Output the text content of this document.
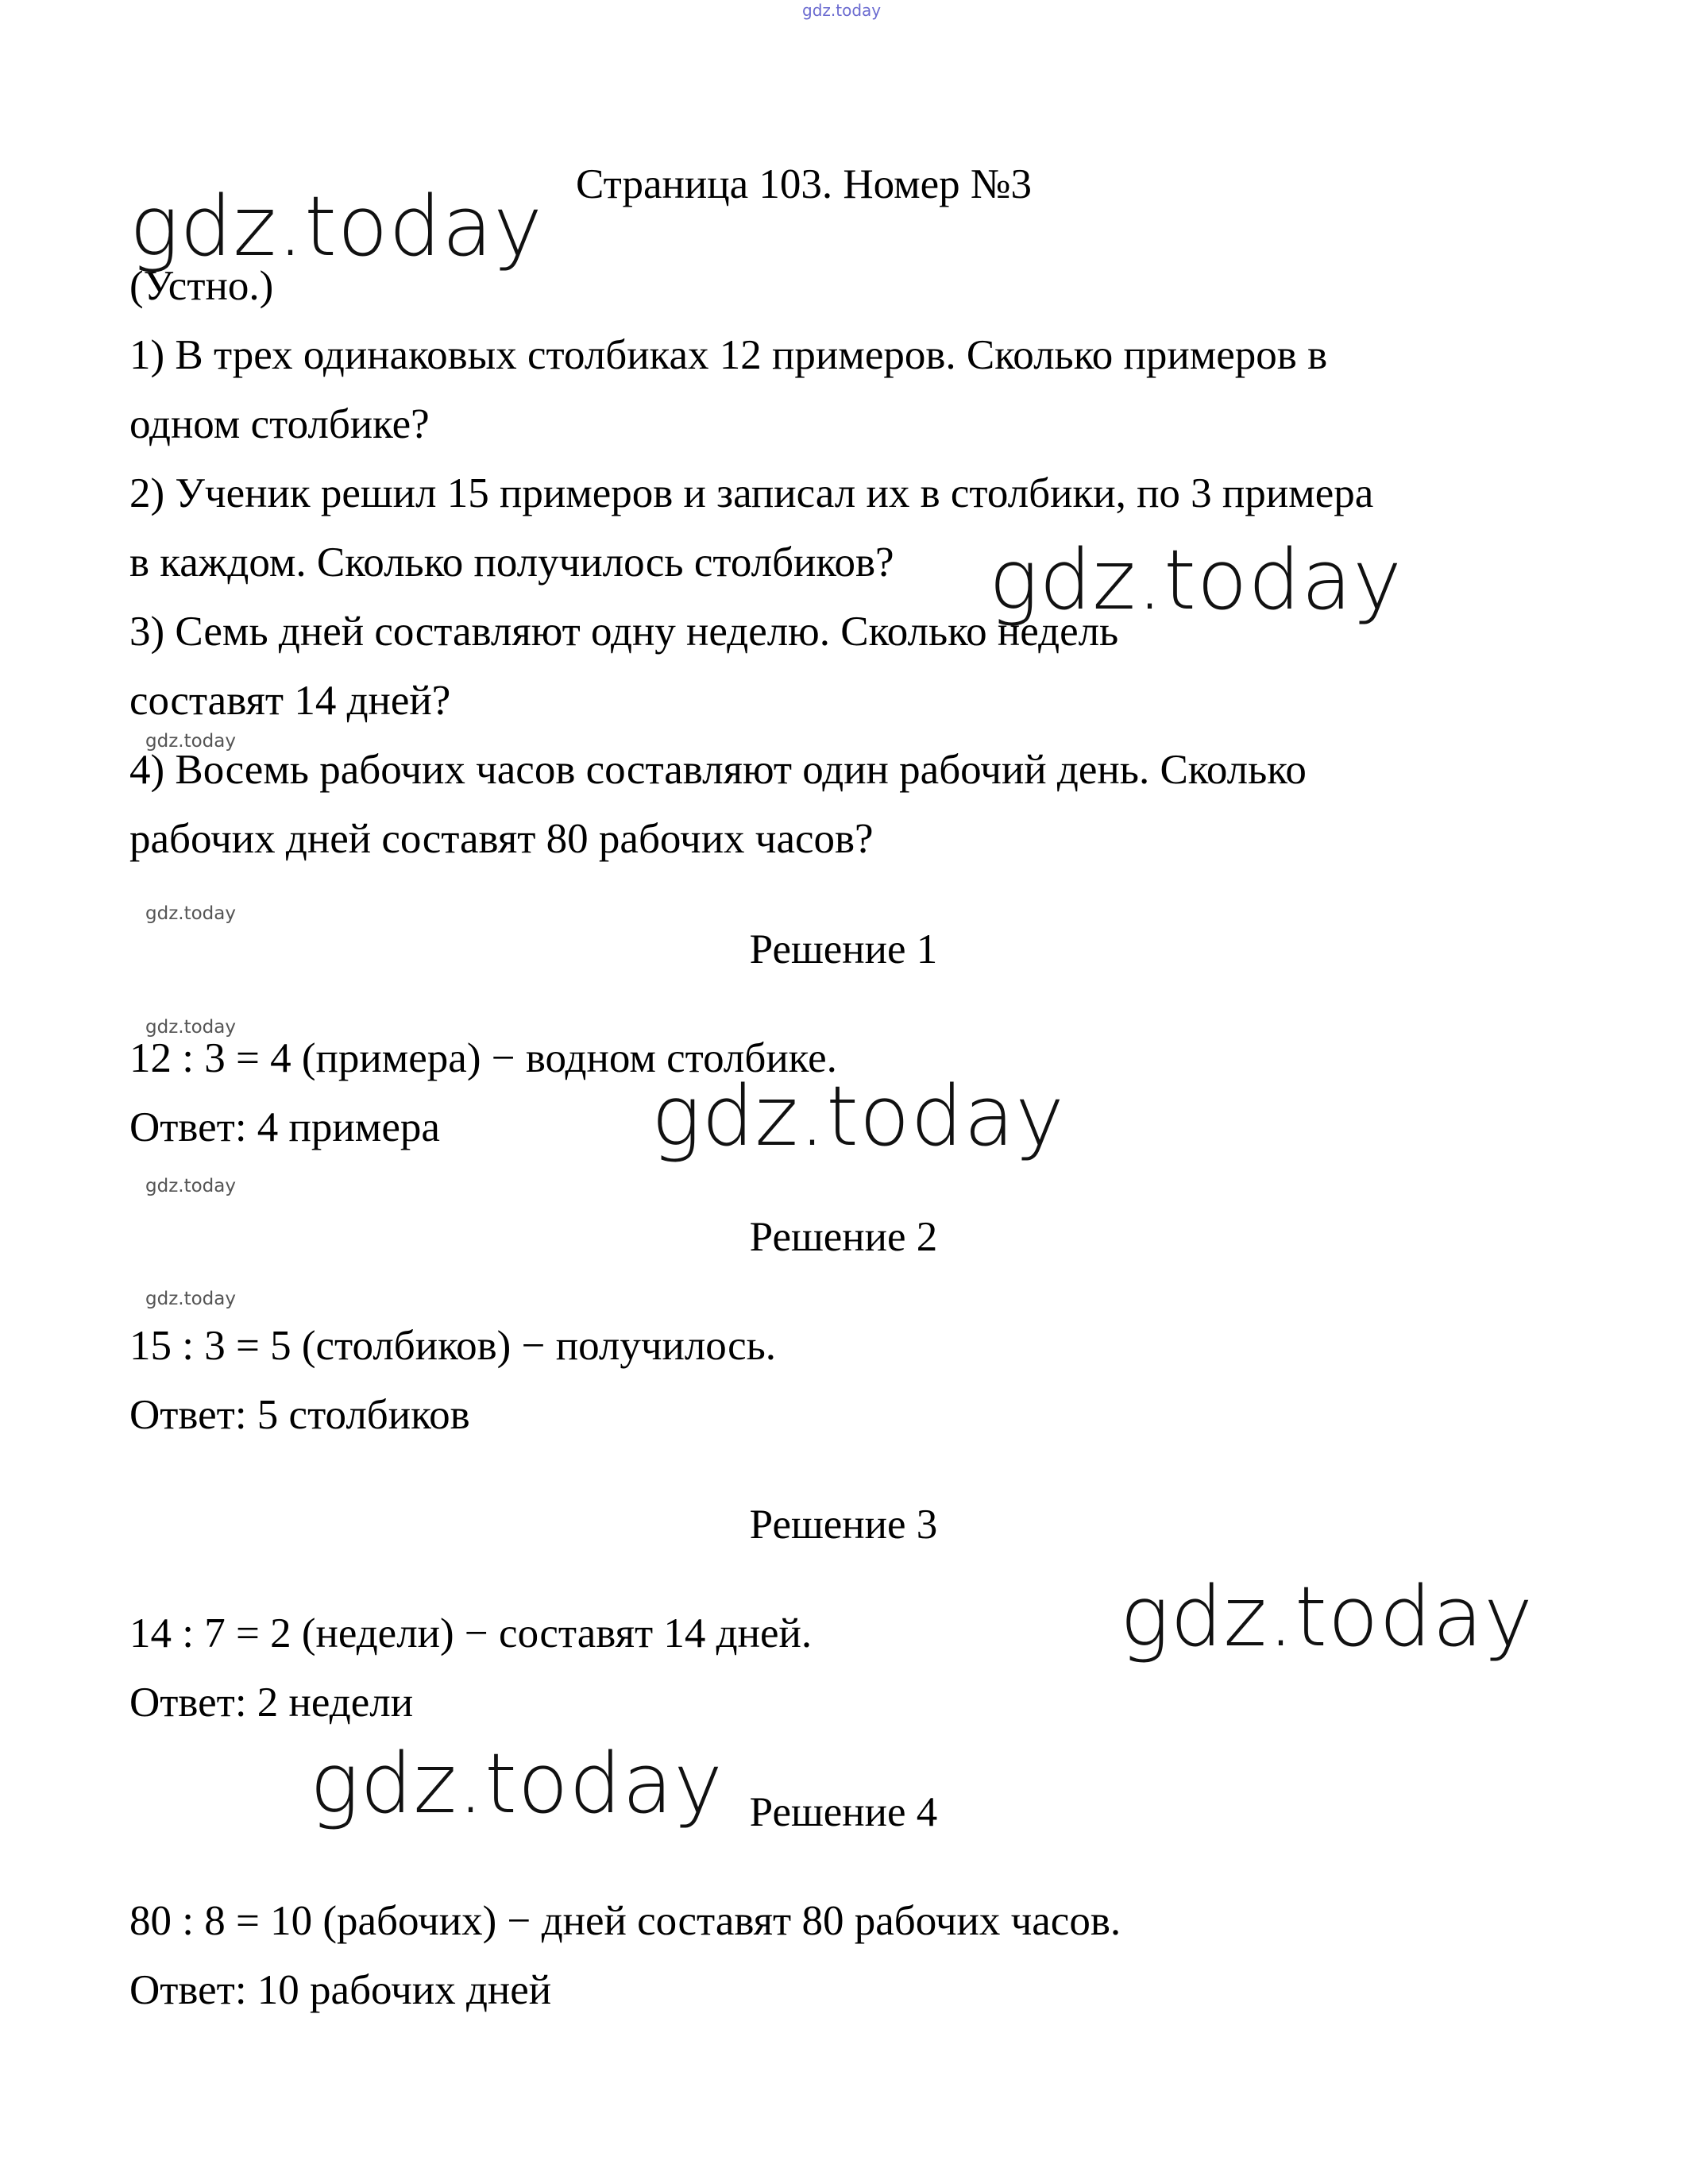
gdz.today
gdz.today
gdz.today
gdz.today
gdz.today
gdz.today
gdz.today
gdz.today
gdz.today
gdz.today
gdz.today
Страница 103. Номер №3
(Устно.)
1) В трех одинаковых столбиках 12 примеров. Сколько примеров в
одном столбике?
2) Ученик решил 15 примеров и записал их в столбики, по 3 примера
в каждом. Сколько получилось столбиков?
3) Семь дней составляют одну неделю. Сколько недель
составят 14 дней?
4) Восемь рабочих часов составляют один рабочий день. Сколько
рабочих дней составят 80 рабочих часов?
Решение 1
12 : 3 = 4 (примера) − водном столбике.
Ответ: 4 примера
Решение 2
15 : 3 = 5 (столбиков) − получилось.
Ответ: 5 столбиков
Решение 3
14 : 7 = 2 (недели) − составят 14 дней.
Ответ: 2 недели
Решение 4
80 : 8 = 10 (рабочих) − дней составят 80 рабочих часов.
Ответ: 10 рабочих дней
